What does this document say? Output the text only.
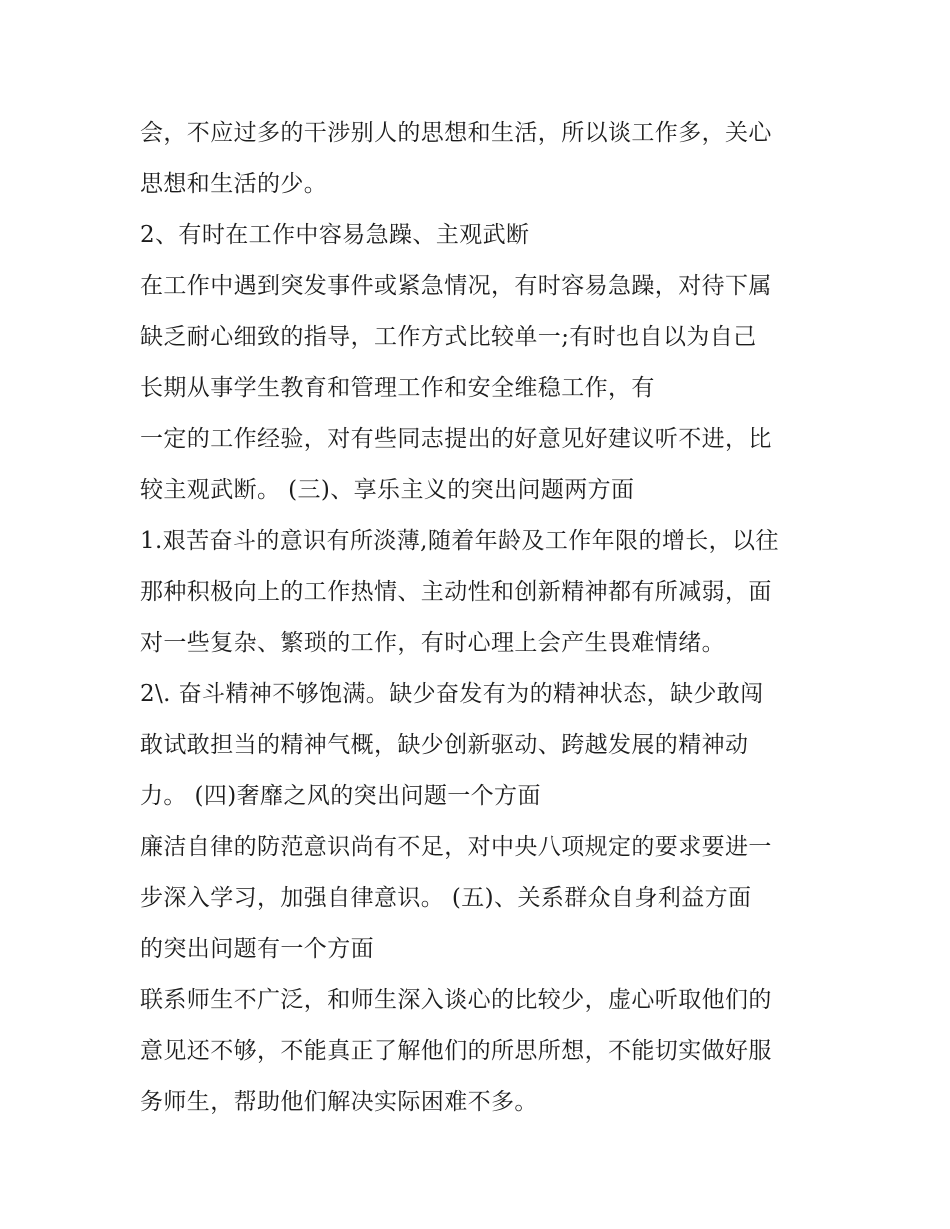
会，不应过多的干涉别人的思想和生活，所以谈工作多，关心
思想和生活的少。
2、有时在工作中容易急躁、主观武断
在工作中遇到突发事件或紧急情况，有时容易急躁，对待下属
缺乏耐心细致的指导，工作方式比较单一;有时也自以为自己
长期从事学生教育和管理工作和安全维稳工作，有
一定的工作经验，对有些同志提出的好意见好建议听不进，比
较主观武断。 (三)、享乐主义的突出问题两方面
1.艰苦奋斗的意识有所淡薄,随着年龄及工作年限的增长，以往
那种积极向上的工作热情、主动性和创新精神都有所减弱，面
对一些复杂、繁琐的工作，有时心理上会产生畏难情绪。
2\. 奋斗精神不够饱满。缺少奋发有为的精神状态，缺少敢闯
敢试敢担当的精神气概，缺少创新驱动、跨越发展的精神动
力。 (四)奢靡之风的突出问题一个方面
廉洁自律的防范意识尚有不足，对中央八项规定的要求要进一
步深入学习，加强自律意识。 (五)、关系群众自身利益方面
的突出问题有一个方面
联系师生不广泛，和师生深入谈心的比较少，虚心听取他们的
意见还不够，不能真正了解他们的所思所想，不能切实做好服
务师生，帮助他们解决实际困难不多。
